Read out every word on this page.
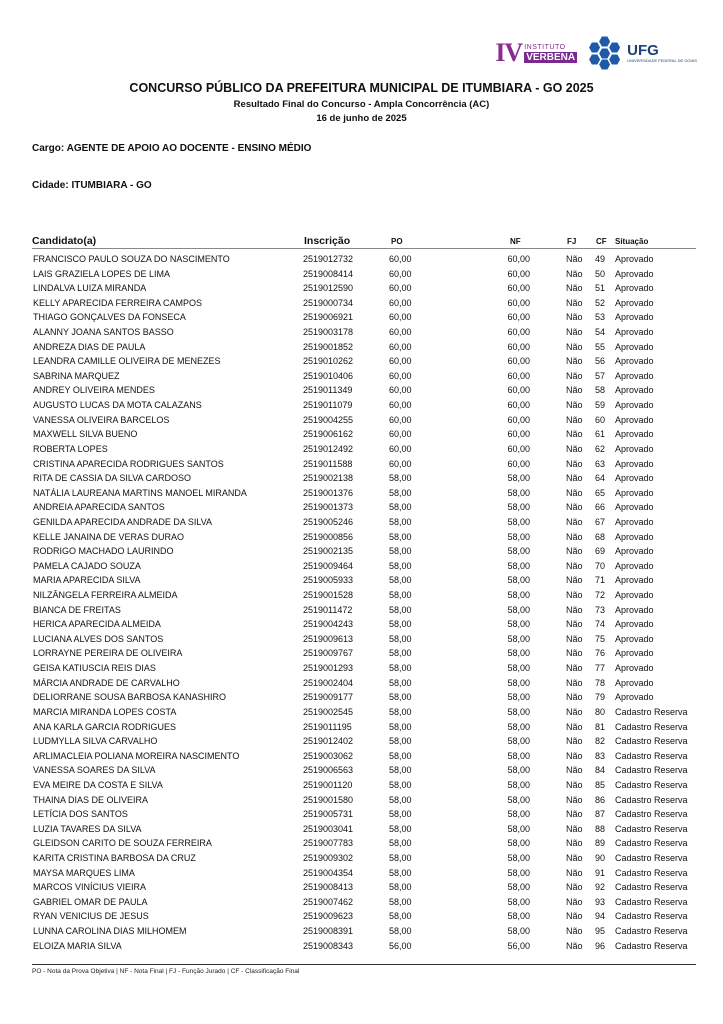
IV INSTITUTO
VERBENA	UFG
UNIVERSIDADE FEDERAL DE GOIÁS
CONCURSO PÚBLICO DA PREFEITURA MUNICIPAL DE ITUMBIARA - GO 2025
Resultado Final do Concurso - Ampla Concorrência (AC)
16 de junho de 2025
Cargo: AGENTE DE APOIO AO DOCENTE - ENSINO MÉDIO
Cidade: ITUMBIARA - GO
Candidato(a)	Inscrição	PO	NF	FJ CF Situação
FRANCISCO PAULO SOUZA DO NASCIMENTO	2519012732	60,00	60,00	Não	49 Aprovado
LAIS GRAZIELA LOPES DE LIMA	2519008414	60,00	60,00	Não	50 Aprovado
LINDALVA LUIZA MIRANDA	2519012590	60,00	60,00	Não	51 Aprovado
KELLY APARECIDA FERREIRA CAMPOS	2519000734	60,00	60,00	Não	52 Aprovado
THIAGO GONÇALVES DA FONSECA	2519006921	60,00	60,00	Não	53 Aprovado
ALANNY JOANA SANTOS BASSO	2519003178	60,00	60,00	Não	54 Aprovado
ANDREZA DIAS DE PAULA	2519001852	60,00	60,00	Não	55 Aprovado
LEANDRA CAMILLE OLIVEIRA DE MENEZES	2519010262	60,00	60,00	Não	56 Aprovado
SABRINA MARQUEZ	2519010406	60,00	60,00	Não	57 Aprovado
ANDREY OLIVEIRA MENDES	2519011349	60,00	60,00	Não	58 Aprovado
AUGUSTO LUCAS DA MOTA CALAZANS	2519011079	60,00	60,00	Não	59 Aprovado
VANESSA OLIVEIRA BARCELOS	2519004255	60,00	60,00	Não	60 Aprovado
MAXWELL SILVA BUENO	2519006162	60,00	60,00	Não	61 Aprovado
ROBERTA LOPES	2519012492	60,00	60,00	Não	62 Aprovado
CRISTINA APARECIDA RODRIGUES SANTOS	2519011588	60,00	60,00	Não	63 Aprovado
RITA DE CASSIA DA SILVA CARDOSO	2519002138	58,00	58,00	Não	64 Aprovado
NATÁLIA LAUREANA MARTINS MANOEL MIRANDA	2519001376	58,00	58,00	Não	65 Aprovado
ANDREIA APARECIDA SANTOS	2519001373	58,00	58,00	Não	66 Aprovado
GENILDA APARECIDA ANDRADE DA SILVA	2519005246	58,00	58,00	Não	67 Aprovado
KELLE JANAINA DE VERAS DURAO	2519000856	58,00	58,00	Não	68 Aprovado
RODRIGO MACHADO LAURINDO	2519002135	58,00	58,00	Não	69 Aprovado
PAMELA CAJADO SOUZA	2519009464	58,00	58,00	Não	70 Aprovado
MARIA APARECIDA SILVA	2519005933	58,00	58,00	Não	71 Aprovado
NILZÂNGELA FERREIRA ALMEIDA	2519001528	58,00	58,00	Não	72 Aprovado
BIANCA DE FREITAS	2519011472	58,00	58,00	Não	73 Aprovado
HERICA APARECIDA ALMEIDA	2519004243	58,00	58,00	Não	74 Aprovado
LUCIANA ALVES DOS SANTOS	2519009613	58,00	58,00	Não	75 Aprovado
LORRAYNE PEREIRA DE OLIVEIRA	2519009767	58,00	58,00	Não	76 Aprovado
GEISA KATIUSCIA REIS DIAS	2519001293	58,00	58,00	Não	77 Aprovado
MÁRCIA ANDRADE DE CARVALHO	2519002404	58,00	58,00	Não	78 Aprovado
DELIORRANE SOUSA BARBOSA KANASHIRO	2519009177	58,00	58,00	Não	79 Aprovado
MARCIA MIRANDA LOPES COSTA	2519002545	58,00	58,00	Não	80 Cadastro Reserva
ANA KARLA GARCIA RODRIGUES	2519011195	58,00	58,00	Não	81 Cadastro Reserva
LUDMYLLA SILVA CARVALHO	2519012402	58,00	58,00	Não	82 Cadastro Reserva
ARLIMACLEIA POLIANA MOREIRA NASCIMENTO	2519003062	58,00	58,00	Não	83 Cadastro Reserva
VANESSA SOARES DA SILVA	2519006563	58,00	58,00	Não	84 Cadastro Reserva
EVA MEIRE DA COSTA E SILVA	2519001120	58,00	58,00	Não	85 Cadastro Reserva
THAINA DIAS DE OLIVEIRA	2519001580	58,00	58,00	Não	86 Cadastro Reserva
LETÍCIA DOS SANTOS	2519005731	58,00	58,00	Não	87 Cadastro Reserva
LUZIA TAVARES DA SILVA	2519003041	58,00	58,00	Não	88 Cadastro Reserva
GLEIDSON CARITO DE SOUZA FERREIRA	2519007783	58,00	58,00	Não	89 Cadastro Reserva
KARITA CRISTINA BARBOSA DA CRUZ	2519009302	58,00	58,00	Não	90 Cadastro Reserva
MAYSA MARQUES LIMA	2519004354	58,00	58,00	Não	91 Cadastro Reserva
MARCOS VINÍCIUS VIEIRA	2519008413	58,00	58,00	Não	92 Cadastro Reserva
GABRIEL OMAR DE PAULA	2519007462	58,00	58,00	Não	93 Cadastro Reserva
RYAN VENICIUS DE JESUS	2519009623	58,00	58,00	Não	94 Cadastro Reserva
LUNNA CAROLINA DIAS MILHOMEM	2519008391	58,00	58,00	Não	95 Cadastro Reserva
ELOIZA MARIA SILVA	2519008343	56,00	56,00	Não	96 Cadastro Reserva
PO - Nota da Prova Objetiva | NF - Nota Final | FJ - Função Jurado | CF - Classificação Final
